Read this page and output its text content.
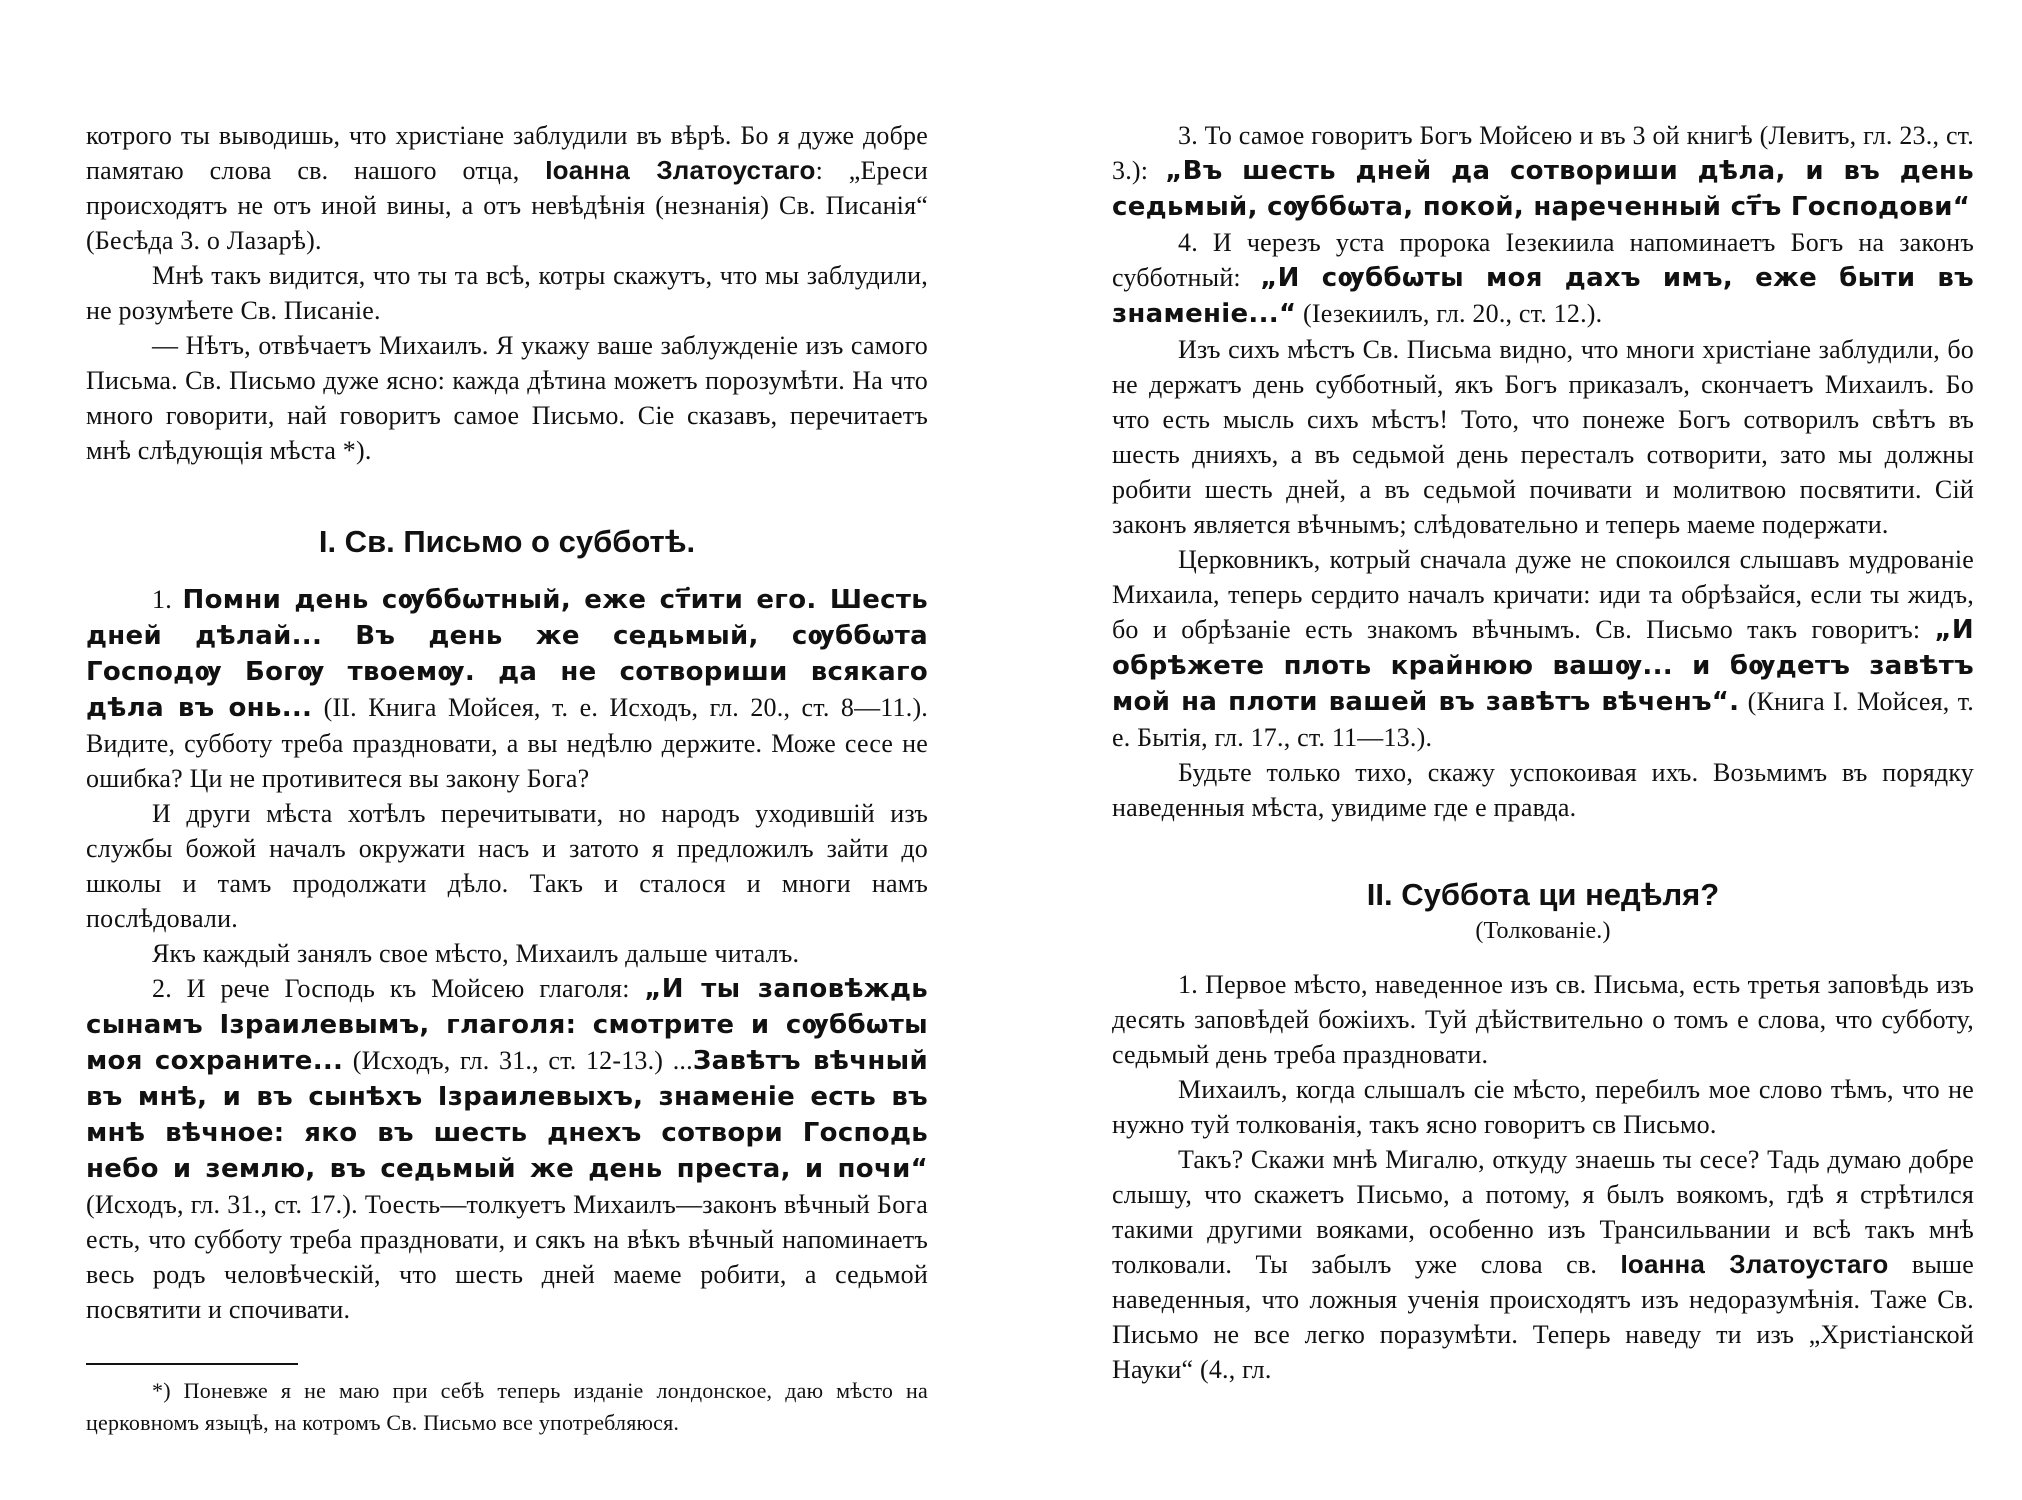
котрого ты выводишь, что христіане заблудили въ вѣрѣ. Бо я дуже добре памятаю слова св. нашого отца, Іоанна Златоустаго: „Ереси происходятъ не отъ иной вины, а отъ невѣдѣнія (незнанія) Св. Писанія“ (Бесѣда 3. о Лазарѣ).

Мнѣ такъ видится, что ты та всѣ, котры скажутъ, что мы заблудили, не розумѣете Св. Писаніе.

— Нѣтъ, отвѣчаетъ Михаилъ. Я укажу ваше заблужденіе изъ самого Письма. Св. Письмо дуже ясно: кажда дѣтина можетъ порозумѣти. На что много говорити, най говоритъ самое Письмо. Сіе сказавъ, перечитаетъ мнѣ слѣдующія мѣста *).

I. Св. Письмо о субботѣ.

1. Помни день сѹббѡтный, еже ст҃ити его. Шесть дней дѣлай... Въ день же седьмый, сѹббѡта Господѹ Богѹ твоемѹ. да не сотвориши всякаго дѣла въ онь... (II. Книга Мойсея, т. е. Исходъ, гл. 20., ст. 8—11.). Видите, субботу треба праздновати, а вы недѣлю держите. Може сесе не ошибка? Ци не противитеся вы закону Бога?

И други мѣста хотѣлъ перечитывати, но народъ уходившій изъ службы божой началъ окружати насъ и затото я предложилъ зайти до школы и тамъ продолжати дѣло. Такъ и сталося и многи намъ послѣдовали.

Якъ каждый занялъ свое мѣсто, Михаилъ дальше читалъ.

2. И рече Господь къ Мойсею глаголя: „И ты заповѣждь сынамъ Ізраилевымъ, глаголя: смотрите и сѹббѡты моя сохраните... (Исходъ, гл. 31., ст. 12-13.) ...Завѣтъ вѣчный въ мнѣ, и въ сынѣхъ Ізраилевыхъ, знаменіе есть въ мнѣ вѣчное: яко въ шесть днехъ сотвори Господь небо и землю, въ седьмый же день преста, и почи“ (Исходъ, гл. 31., ст. 17.). Тоесть—толкуетъ Михаилъ—законъ вѣчный Бога есть, что субботу треба праздновати, и сякъ на вѣкъ вѣчный напоминаетъ весь родъ человѣческій, что шесть дней маеме робити, а седьмой посвятити и спочивати.

*) Поневже я не маю при себѣ теперь изданіе лондонское, даю мѣсто на церковномъ языцѣ, на котромъ Св. Письмо все употребляюся.

3. То самое говоритъ Богъ Мойсею и въ 3 ой книгѣ (Левитъ, гл. 23., ст. 3.): „Въ шесть дней да сотвориши дѣла, и въ день седьмый, сѹббѡта, покой, нареченный ст҃ъ Господови“

4. И черезъ уста пророка Іезекиила напоминаетъ Богъ на законъ субботный: „И сѹббѡты моя дахъ имъ, еже быти въ знаменіе...“ (Іезекиилъ, гл. 20., ст. 12.).

Изъ сихъ мѣстъ Св. Письма видно, что многи христіане заблудили, бо не держатъ день субботный, якъ Богъ приказалъ, скончаетъ Михаилъ. Бо что есть мысль сихъ мѣстъ! Тото, что понеже Богъ сотворилъ свѣтъ въ шесть днияхъ, а въ седьмой день пересталъ сотворити, зато мы должны робити шесть дней, а въ седьмой почивати и молитвою посвятити. Сій законъ является вѣчнымъ; слѣдовательно и теперь маеме подержати.

Церковникъ, котрый сначала дуже не спокоился слышавъ мудрованіе Михаила, теперь сердито началъ кричати: иди та обрѣзайся, если ты жидъ, бо и обрѣзаніе есть знакомъ вѣчнымъ. Св. Письмо такъ говоритъ: „И обрѣжете плоть крайнюю вашѹ... и бѹдетъ завѣтъ мой на плоти вашей въ завѣтъ вѣченъ“. (Книга I. Мойсея, т. е. Бытія, гл. 17., ст. 11—13.).

Будьте только тихо, скажу успокоивая ихъ. Возьмимъ въ порядку наведенныя мѣста, увидиме где е правда.

II. Суббота ци недѣля?

(Толкованіе.)

1. Первое мѣсто, наведенное изъ св. Письма, есть третья заповѣдь изъ десять заповѣдей божіихъ. Туй дѣйствительно о томъ е слова, что субботу, седьмый день треба праздновати.

Михаилъ, когда слышалъ сіе мѣсто, перебилъ мое слово тѣмъ, что не нужно туй толкованія, такъ ясно говоритъ св Письмо.

Такъ? Скажи мнѣ Мигалю, откуду знаешь ты сесе? Тадь думаю добре слышу, что скажетъ Письмо, а потому, я былъ воякомъ, гдѣ я стрѣтился такими другими вояками, особенно изъ Трансильвании и всѣ такъ мнѣ толковали. Ты забылъ уже слова св. Іоанна Златоустаго выше наведенныя, что ложныя ученія происходятъ изъ недоразумѣнія. Таже Св. Письмо не все легко поразумѣти. Теперь наведу ти изъ „Христіанской Науки“ (4., гл.
